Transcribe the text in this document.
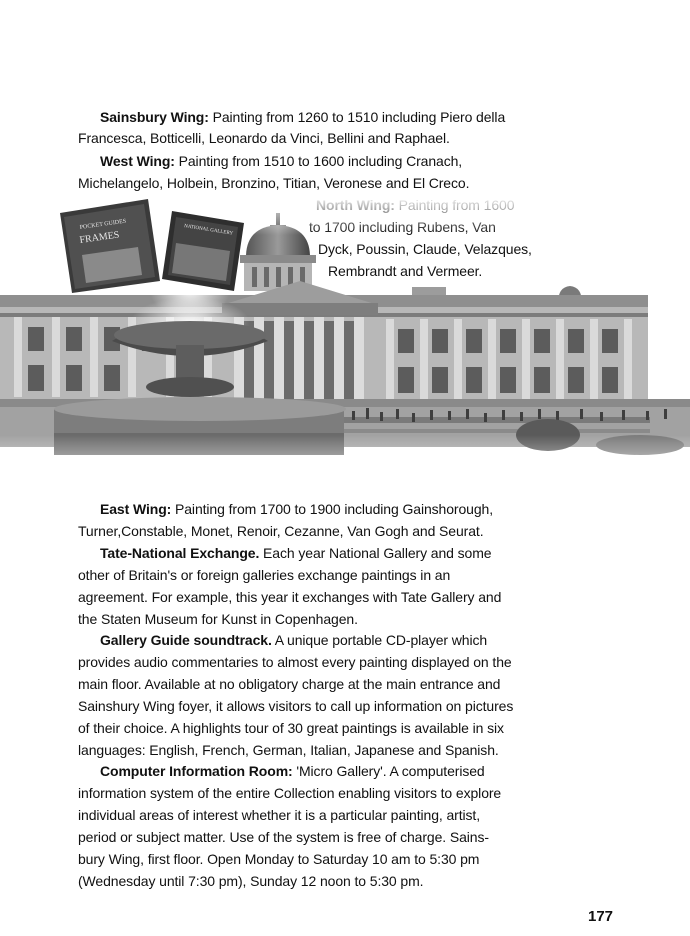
Sainsbury Wing: Painting from 1260 to 1510 including Piero della
Francesca, Botticelli, Leonardo da Vinci, Bellini and Raphael.
West Wing: Painting from 1510 to 1600 including Cranach,
Michelangelo, Holbein, Bronzino, Titian, Veronese and El Creco.
POCKET GUIDES
FRAMES	NATIONAL GALLERY
Dyck, Poussin, Claude, Velazques,
Rembrandt and Vermeer.
East Wing: Painting from 1700 to 1900 including Gainshorough,
Turner,Constable, Monet, Renoir, Cezanne, Van Gogh and Seurat.
Tate-National Exchange. Each year National Gallery and some
other of Britain's or foreign galleries exchange paintings in an
agreement. For example, this year it exchanges with Tate Gallery and
the Staten Museum for Kunst in Copenhagen.
Gallery Guide soundtrack. A unique portable CD-player which
provides audio commentaries to almost every painting displayed on the
main floor. Available at no obligatory charge at the main entrance and
Sainshury Wing foyer, it allows visitors to call up information on pictures
of their choice. A highlights tour of 30 great paintings is available in six
languages: English, French, German, Italian, Japanese and Spanish.
Computer Information Room: 'Micro Gallery'. A computerised
information system of the entire Collection enabling visitors to explore
individual areas of interest whether it is a particular painting, artist,
period or subject matter. Use of the system is free of charge. Sains-
bury Wing, first floor. Open Monday to Saturday 10 am to 5:30 pm
(Wednesday until 7:30 pm), Sunday 12 noon to 5:30 pm.
177
